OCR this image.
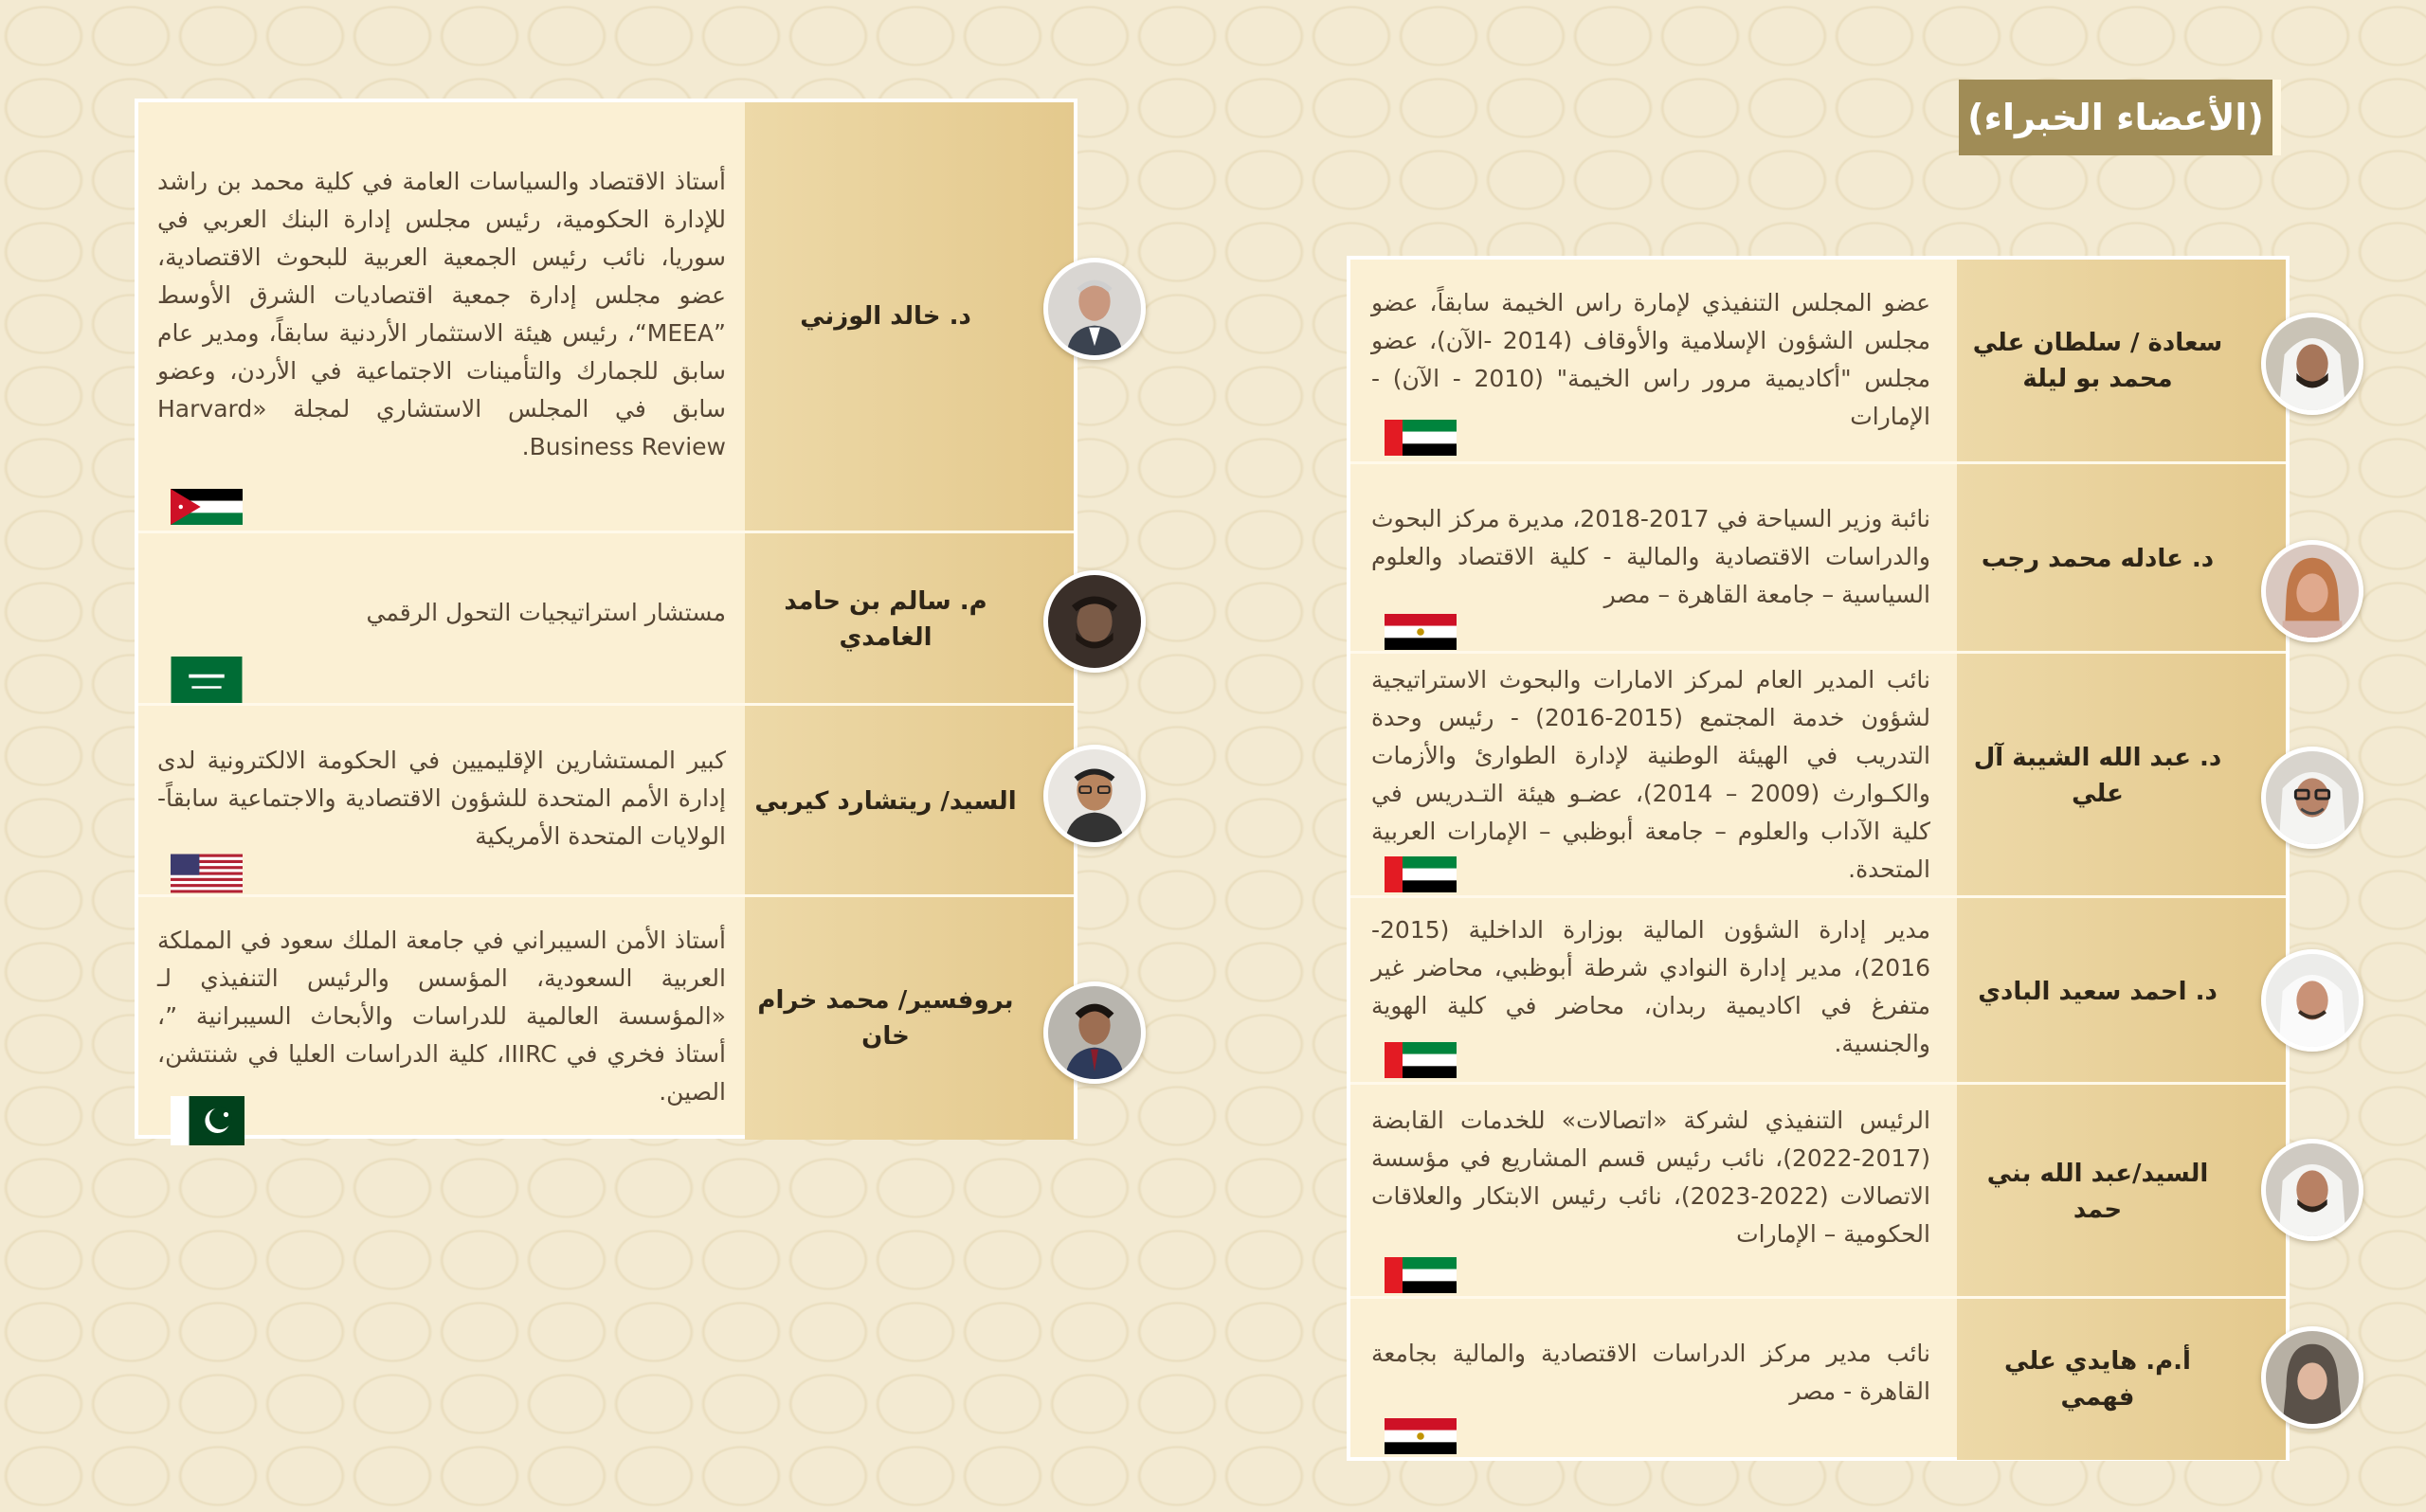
(الأعضاء الخبراء)
سعادة / سلطان علي محمد بو ليلة
عضو المجلس التنفيذي لإمارة راس الخيمة سابقاً، عضو مجلس الشؤون الإسلامية والأوقاف (2014 -الآن)، عضو مجلس "أكاديمية مرور راس الخيمة" (2010 - الآن) - الإمارات
د. عادله محمد رجب
نائبة وزير السياحة في 2017-2018، مديرة مركز البحوث والدراسات الاقتصادية والمالية - كلية الاقتصاد والعلوم السياسية – جامعة القاهرة – مصر
د. عبد الله الشيبة آل علي
نائب المدير العام لمركز الامارات والبحوث الاستراتيجية لشؤون خدمة المجتمع (2015-2016) - رئيس وحدة التدريب في الهيئة الوطنية لإدارة الطوارئ والأزمات والكـوارث (2009 – 2014)، عضـو هيئة التـدريس في كلية الآداب والعلوم – جامعة أبوظبي – الإمارات العربية المتحدة.
د. احمد سعيد البادي
مدير إدارة الشؤون المالية بوزارة الداخلية (2015-2016)، مدير إدارة النوادي شرطة أبوظبي، محاضر غير متفرغ في اكاديمية ربدان، محاضر في كلية الهوية والجنسية.
السيد/عبد الله بني حمد
الرئيس التنفيذي لشركة «اتصالات» للخدمات القابضة (2017-2022)، نائب رئيس قسم المشاريع في مؤسسة الاتصالات (2022-2023)، نائب رئيس الابتكار والعلاقات الحكومية – الإمارات
أ.م. هايدي علي فهمي
نائب مدير مركز الدراسات الاقتصادية والمالية بجامعة القاهرة - مصر
د. خالد الوزني
أستاذ الاقتصاد والسياسات العامة في كلية محمد بن راشد للإدارة الحكومية، رئيس مجلس إدارة البنك العربي في سوريا، نائب رئيس الجمعية العربية للبحوث الاقتصادية، عضو مجلس إدارة جمعية اقتصاديات الشرق الأوسط ”MEEA“، رئيس هيئة الاستثمار الأردنية سابقاً، ومدير عام سابق للجمارك والتأمينات الاجتماعية في الأردن، وعضو سابق في المجلس الاستشاري لمجلة «Harvard Business Review.
م. سالم بن حامد الغامدي
مستشار استراتيجيات التحول الرقمي
السيد/ ريتشارد كيربي
كبير المستشارين الإقليميين في الحكومة الالكترونية لدى إدارة الأمم المتحدة للشؤون الاقتصادية والاجتماعية سابقاً- الولايات المتحدة الأمريكية
بروفسير/ محمد خرام خان
أستاذ الأمن السيبراني في جامعة الملك سعود في المملكة العربية السعودية، المؤسس والرئيس التنفيذي لـ «المؤسسة العالمية للدراسات والأبحاث السيبرانية ”، أستاذ فخري في IIIRC، كلية الدراسات العليا في شنتشن، الصين.
